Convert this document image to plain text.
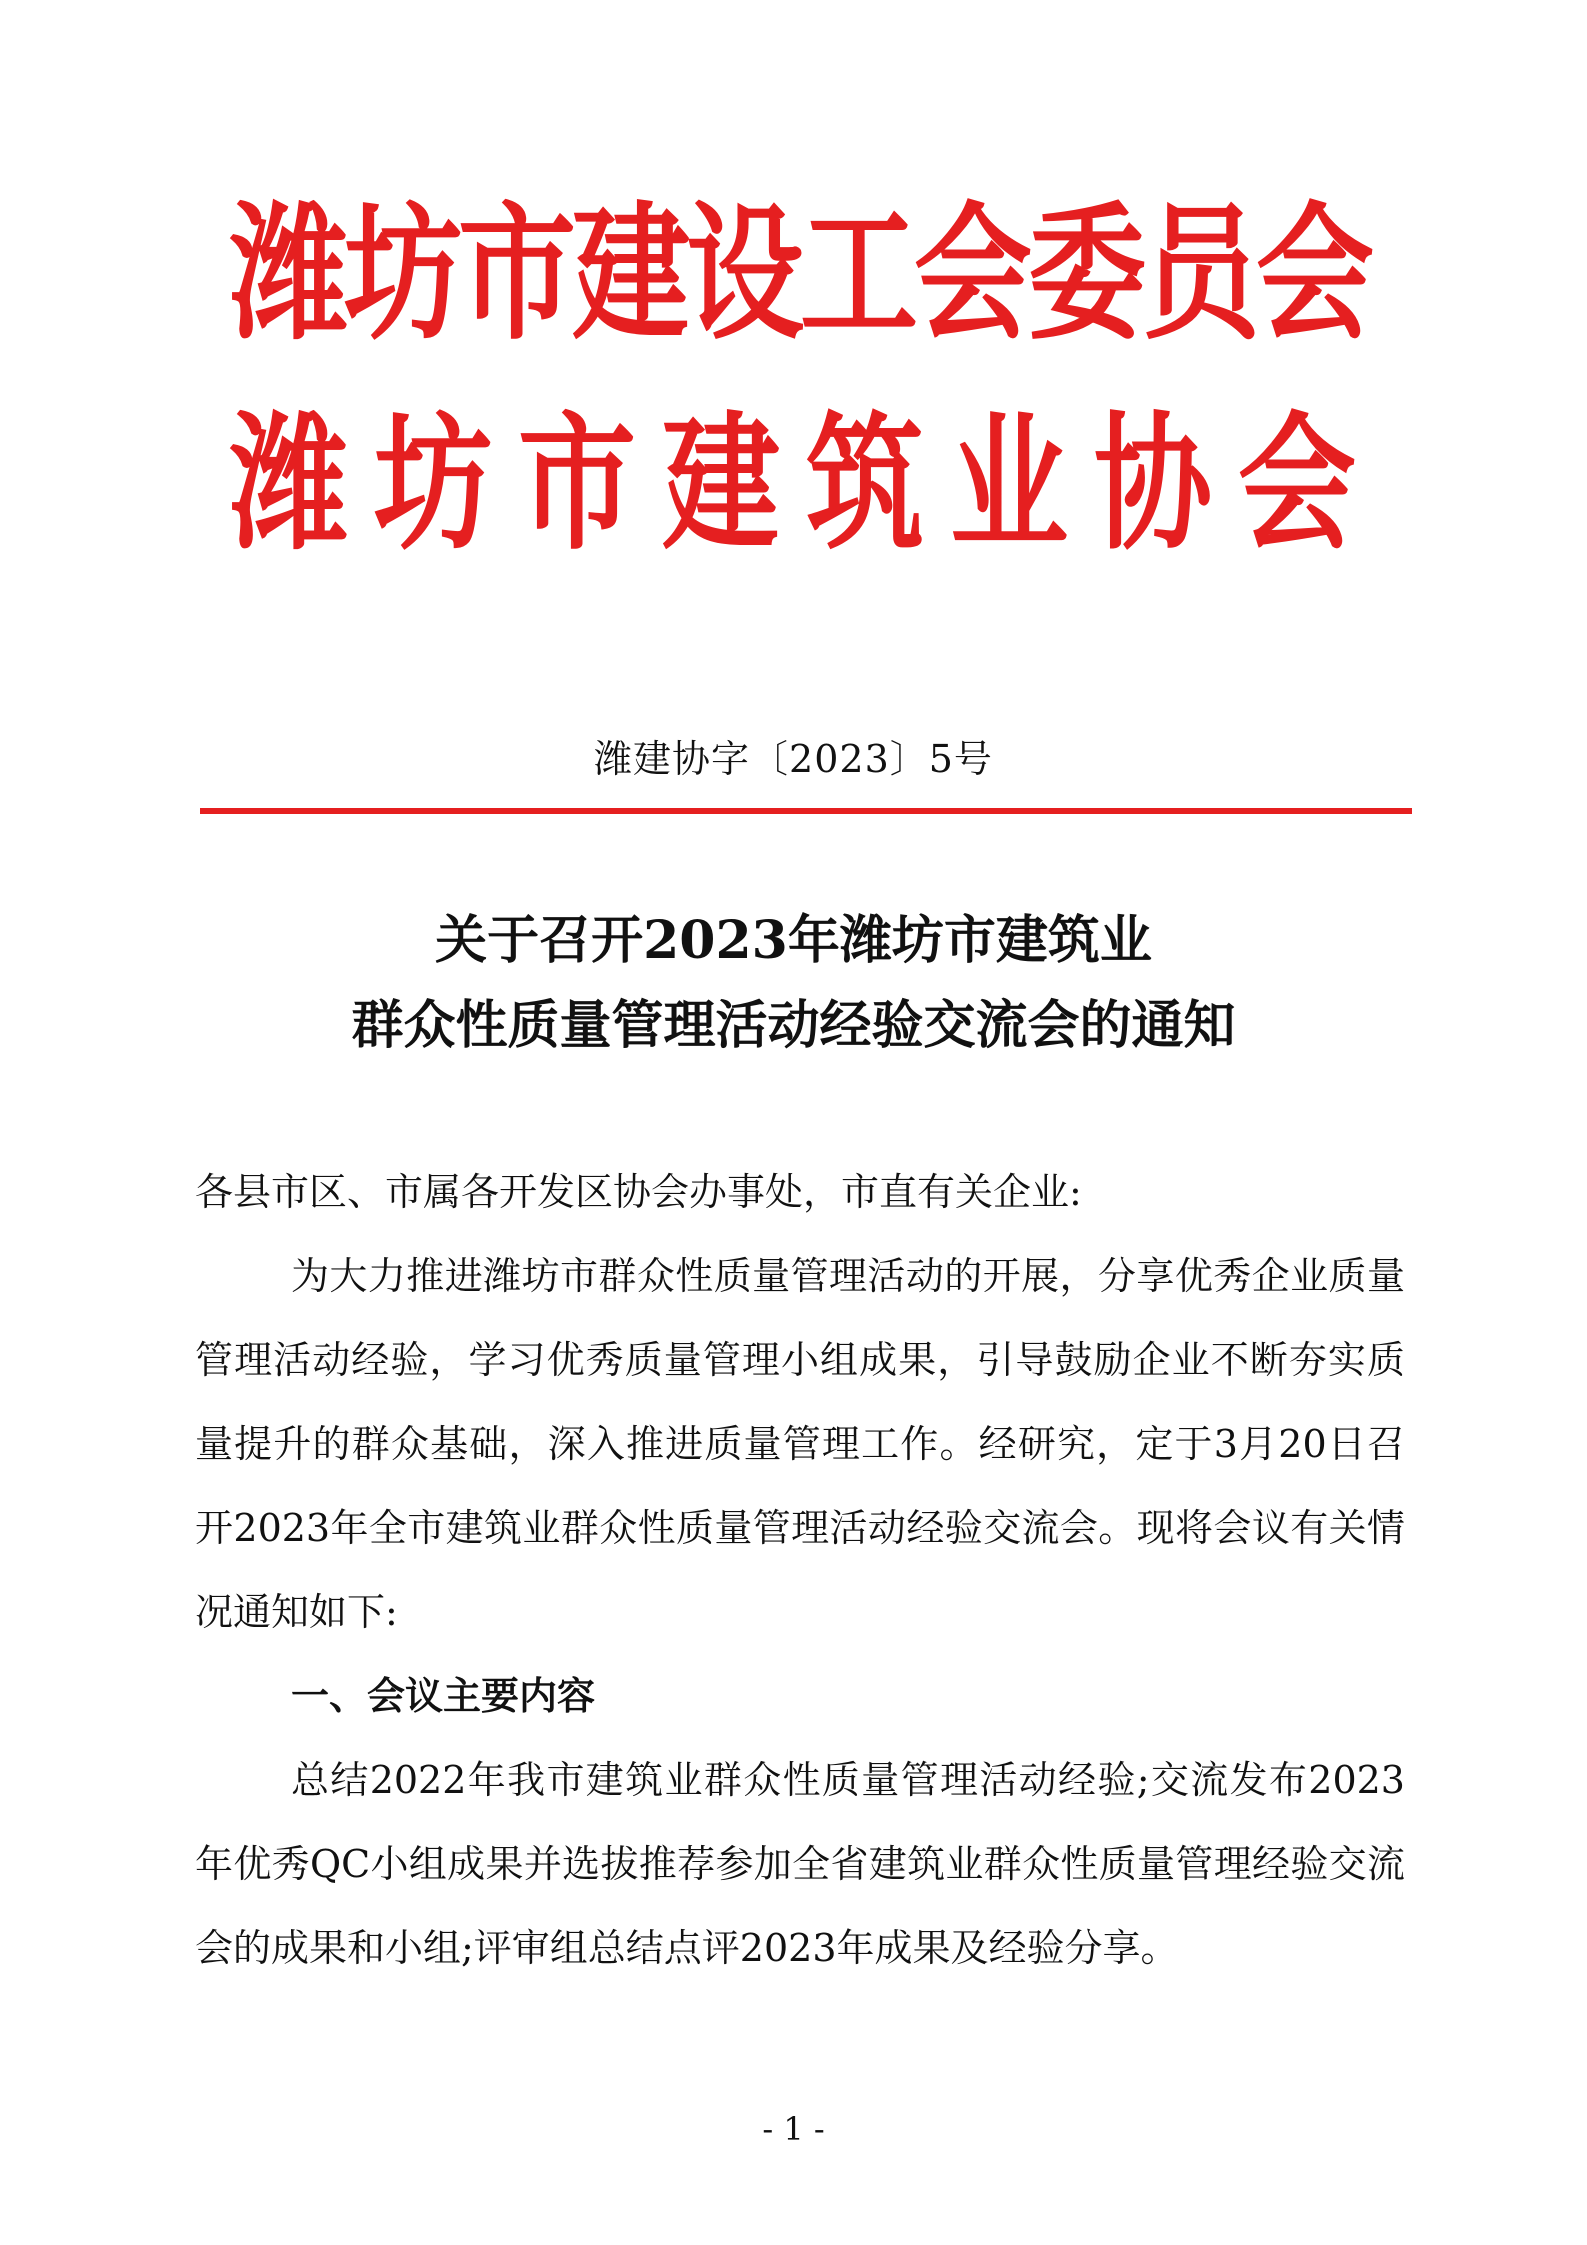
潍坊市建设工会委员会
潍坊市建筑业协会
潍建协字〔2023〕5号
关于召开2023年潍坊市建筑业
群众性质量管理活动经验交流会的通知

各县市区、市属各开发区协会办事处，市直有关企业:

为大力推进潍坊市群众性质量管理活动的开展，分享优秀企业质量管理活动经验，学习优秀质量管理小组成果，引导鼓励企业不断夯实质量提升的群众基础，深入推进质量管理工作。经研究，定于3月20日召开2023年全市建筑业群众性质量管理活动经验交流会。现将会议有关情况通知如下:

一、会议主要内容

总结2022年我市建筑业群众性质量管理活动经验;交流发布2023年优秀QC小组成果并选拔推荐参加全省建筑业群众性质量管理经验交流会的成果和小组;评审组总结点评2023年成果及经验分享。

- 1 -
